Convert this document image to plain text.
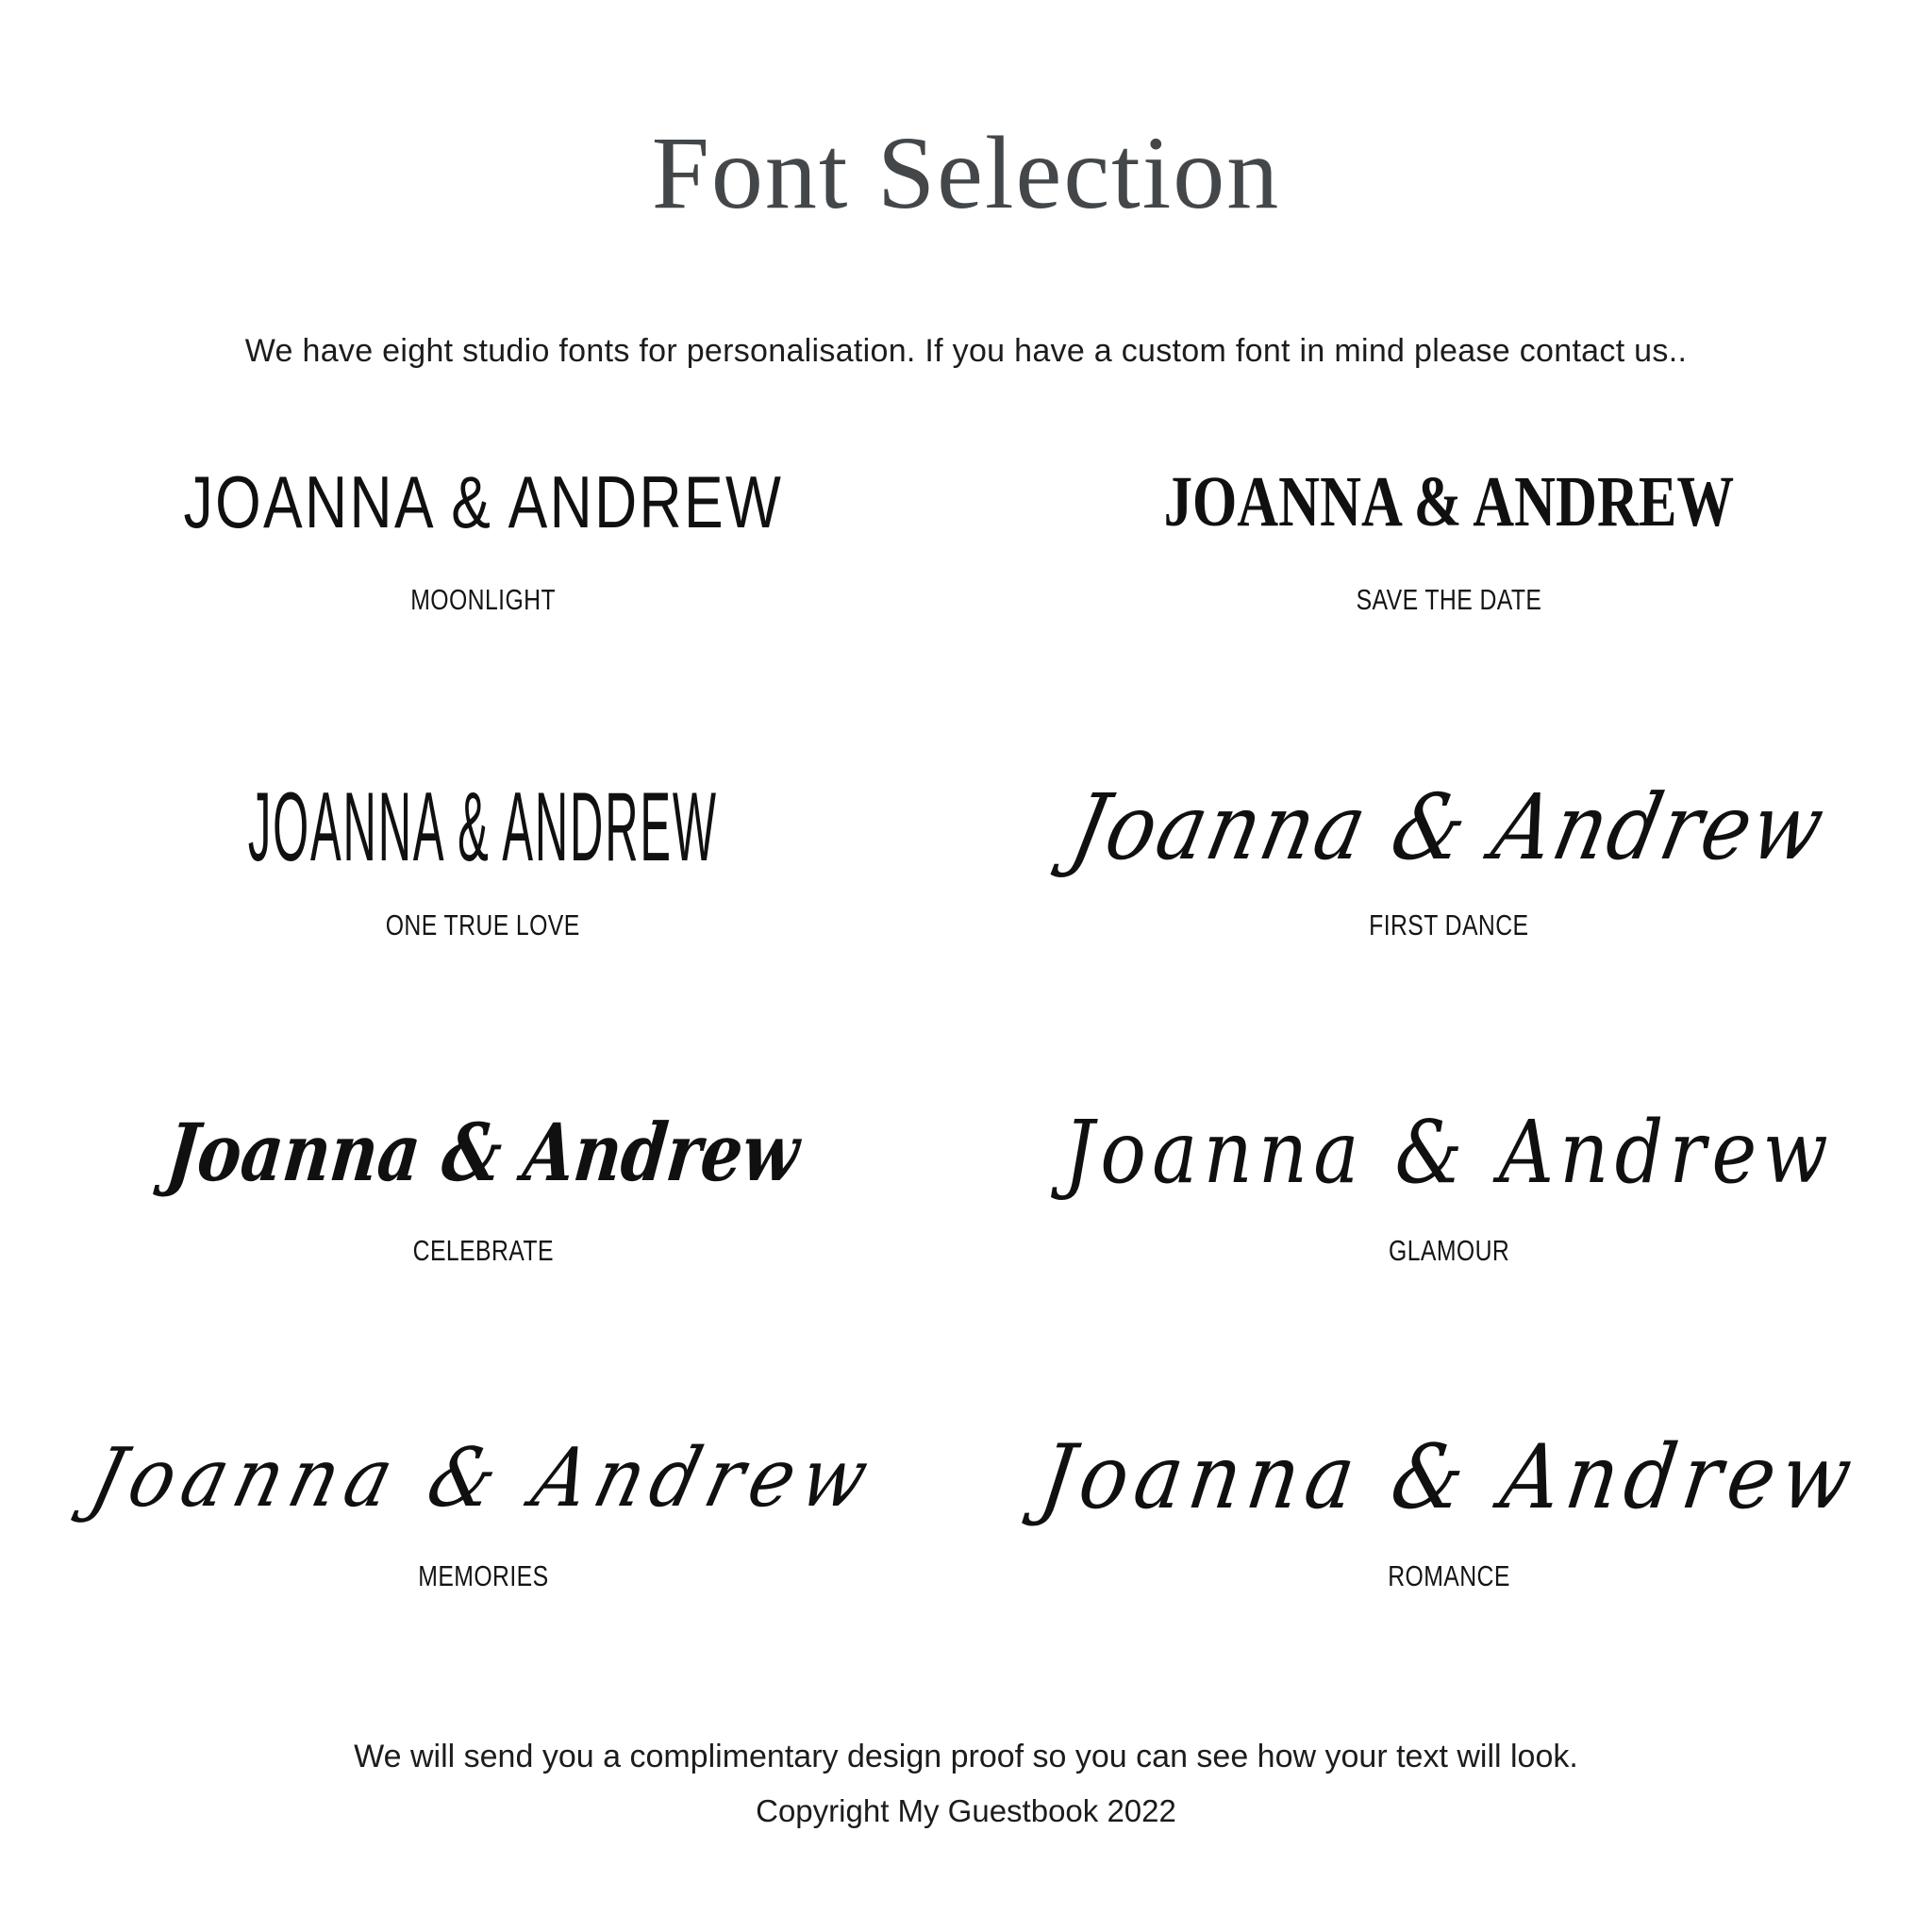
Font Selection

We have eight studio fonts for personalisation. If you have a custom font in mind please contact us..

JOANNA & ANDREW
MOONLIGHT
JOANNA & ANDREW
SAVE THE DATE
JOANNA & ANDREW
ONE TRUE LOVE
Joanna & Andrew
FIRST DANCE
Joanna & Andrew
CELEBRATE
Joanna & Andrew
GLAMOUR
Joanna & Andrew
MEMORIES
Joanna & Andrew
ROMANCE

We will send you a complimentary design proof so you can see how your text will look.

Copyright My Guestbook 2022
